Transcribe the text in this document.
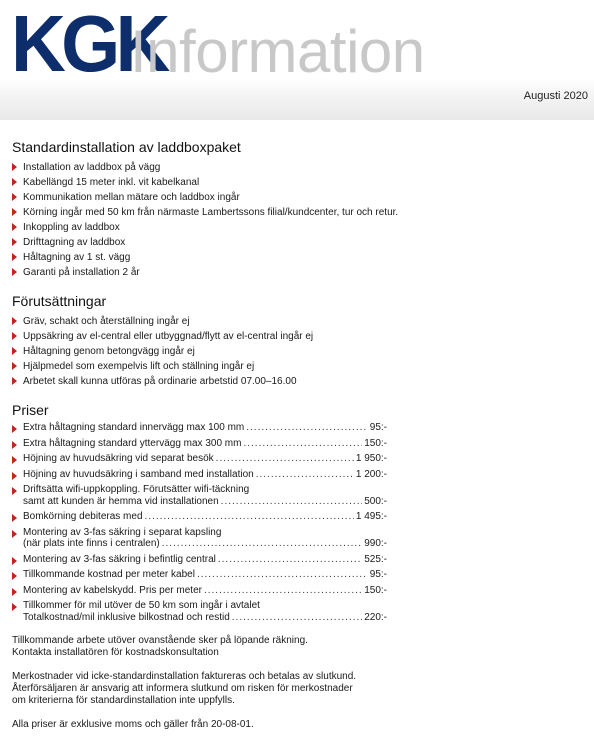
KGK
Information
Augusti 2020
Standardinstallation av laddboxpaket
Installation av laddbox på vägg
Kabellängd 15 meter inkl. vit kabelkanal
Kommunikation mellan mätare och laddbox ingår
Körning ingår med 50 km från närmaste Lambertssons filial/kundcenter, tur och retur.
Inkoppling av laddbox
Drifttagning av laddbox
Håltagning av 1 st. vägg
Garanti på installation 2 år
Förutsättningar
Gräv, schakt och återställning ingår ej
Uppsäkring av el-central eller utbyggnad/flytt av el-central ingår ej
Håltagning genom betongvägg ingår ej
Hjälpmedel som exempelvis lift och ställning ingår ej
Arbetet skall kunna utföras på ordinarie arbetstid 07.00–16.00
Priser
Extra håltagning standard innervägg max 100 mm .....	95:-
Extra håltagning standard yttervägg max 300 mm .....	150:-
Höjning av huvudsäkring vid separat besök .....	1 950:-
Höjning av huvudsäkring i samband med installation .....	1 200:-
Driftsätta wifi-uppkoppling. Förutsätter wifi-täckning
samt att kunden är hemma vid installationen .....	500:-
Bomkörning debiteras med .....	1 495:-
Montering av 3-fas säkring i separat kapsling
(när plats inte finns i centralen) .....	990:-
Montering av 3-fas säkring i befintlig central .....	525:-
Tillkommande kostnad per meter kabel .....	95:-
Montering av kabelskydd. Pris per meter .....	150:-
Tillkommer för mil utöver de 50 km som ingår i avtalet
Totalkostnad/mil inklusive bilkostnad och restid .....	220:-

Tillkommande arbete utöver ovanstående sker på löpande räkning.
Kontakta installatören för kostnadskonsultation

Merkostnader vid icke-standardinstallation faktureras och betalas av slutkund.
Återförsäljaren är ansvarig att informera slutkund om risken för merkostnader
om kriterierna för standardinstallation inte uppfylls.

Alla priser är exklusive moms och gäller från 20-08-01.
